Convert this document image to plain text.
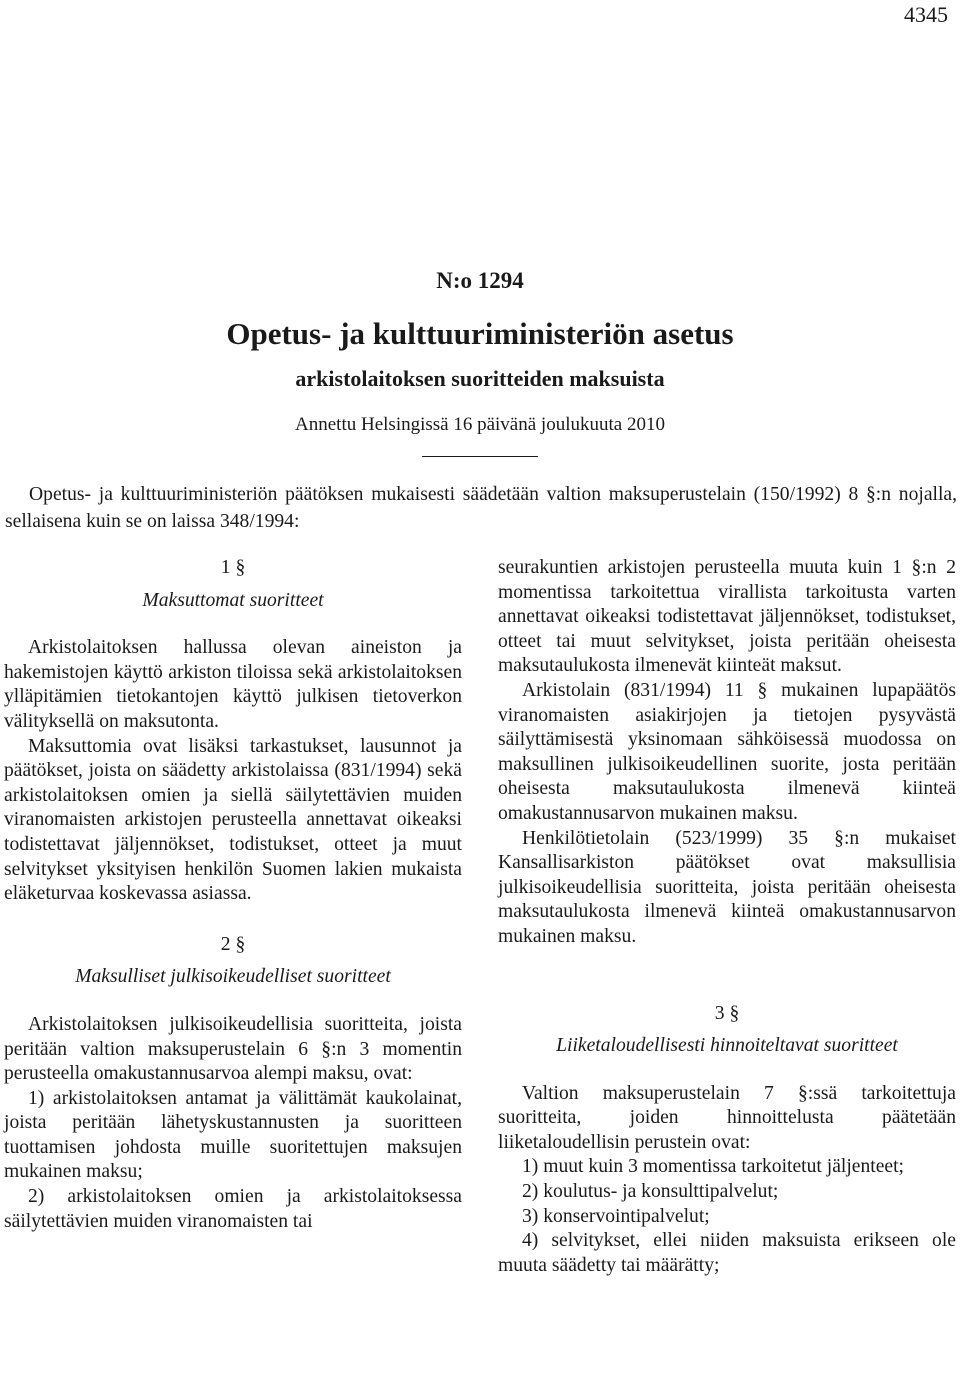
4345
N:o 1294
Opetus- ja kulttuuriministeriön asetus
arkistolaitoksen suoritteiden maksuista
Annettu Helsingissä 16 päivänä joulukuuta 2010

Opetus- ja kulttuuriministeriön päätöksen mukaisesti säädetään valtion maksuperustelain (150/1992) 8 §:n nojalla, sellaisena kuin se on laissa 348/1994:

1 §
Maksuttomat suoritteet

Arkistolaitoksen hallussa olevan aineiston ja hakemistojen käyttö arkiston tiloissa sekä arkistolaitoksen ylläpitämien tietokantojen käyttö julkisen tietoverkon välityksellä on maksutonta.

Maksuttomia ovat lisäksi tarkastukset, lausunnot ja päätökset, joista on säädetty arkistolaissa (831/1994) sekä arkistolaitoksen omien ja siellä säilytettävien muiden viranomaisten arkistojen perusteella annettavat oikeaksi todistettavat jäljennökset, todistukset, otteet ja muut selvitykset yksityisen henkilön Suomen lakien mukaista eläketurvaa koskevassa asiassa.

2 §
Maksulliset julkisoikeudelliset suoritteet

Arkistolaitoksen julkisoikeudellisia suoritteita, joista peritään valtion maksuperustelain 6 §:n 3 momentin perusteella omakustannusarvoa alempi maksu, ovat:

1) arkistolaitoksen antamat ja välittämät kaukolainat, joista peritään lähetyskustannusten ja suoritteen tuottamisen johdosta muille suoritettujen maksujen mukainen maksu;

2) arkistolaitoksen omien ja arkistolaitoksessa säilytettävien muiden viranomaisten tai

seurakuntien arkistojen perusteella muuta kuin 1 §:n 2 momentissa tarkoitettua virallista tarkoitusta varten annettavat oikeaksi todistettavat jäljennökset, todistukset, otteet tai muut selvitykset, joista peritään oheisesta maksutaulukosta ilmenevät kiinteät maksut.

Arkistolain (831/1994) 11 § mukainen lupapäätös viranomaisten asiakirjojen ja tietojen pysyvästä säilyttämisestä yksinomaan sähköisessä muodossa on maksullinen julkisoikeudellinen suorite, josta peritään oheisesta maksutaulukosta ilmenevä kiinteä omakustannusarvon mukainen maksu.

Henkilötietolain (523/1999) 35 §:n mukaiset Kansallisarkiston päätökset ovat maksullisia julkisoikeudellisia suoritteita, joista peritään oheisesta maksutaulukosta ilmenevä kiinteä omakustannusarvon mukainen maksu.

3 §
Liiketaloudellisesti hinnoiteltavat suoritteet

Valtion maksuperustelain 7 §:ssä tarkoitettuja suoritteita, joiden hinnoittelusta päätetään liiketaloudellisin perustein ovat:

1) muut kuin 3 momentissa tarkoitetut jäljenteet;

2) koulutus- ja konsulttipalvelut;

3) konservointipalvelut;

4) selvitykset, ellei niiden maksuista erikseen ole muuta säädetty tai määrätty;
